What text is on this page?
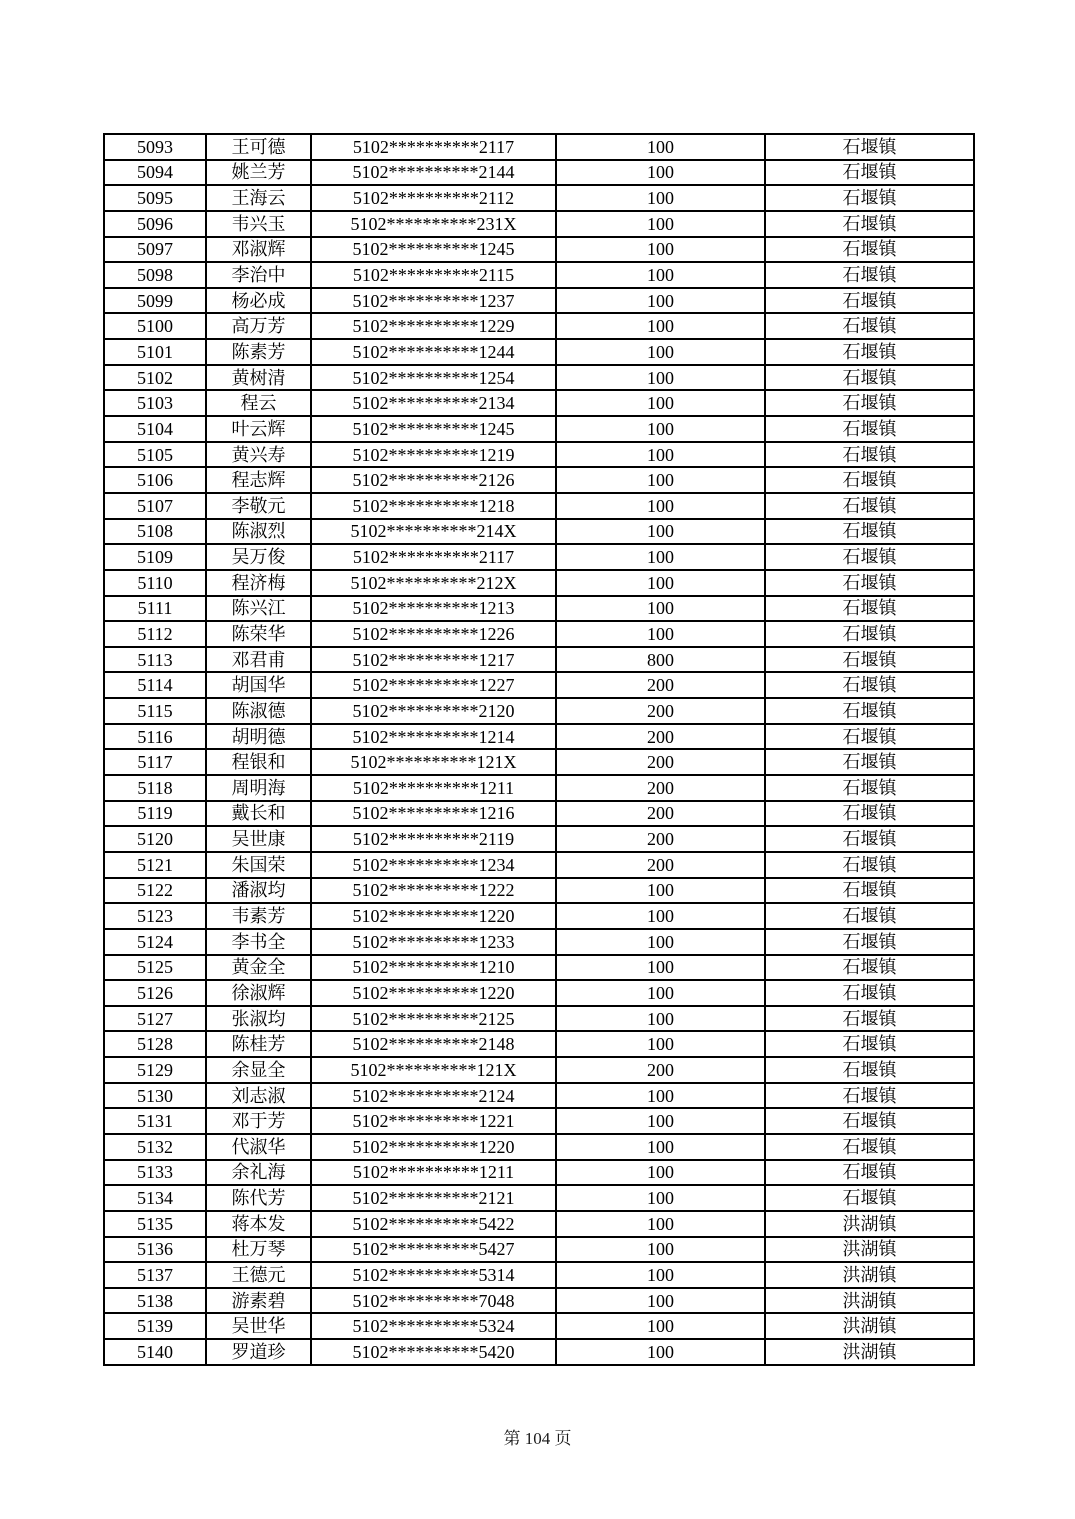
5093	王可德	5102**********2117	100	石堰镇
5094	姚兰芳	5102**********2144	100	石堰镇
5095	王海云	5102**********2112	100	石堰镇
5096	韦兴玉	5102**********231X	100	石堰镇
5097	邓淑辉	5102**********1245	100	石堰镇
5098	李治中	5102**********2115	100	石堰镇
5099	杨必成	5102**********1237	100	石堰镇
5100	高万芳	5102**********1229	100	石堰镇
5101	陈素芳	5102**********1244	100	石堰镇
5102	黄树清	5102**********1254	100	石堰镇
5103	程云	5102**********2134	100	石堰镇
5104	叶云辉	5102**********1245	100	石堰镇
5105	黄兴寿	5102**********1219	100	石堰镇
5106	程志辉	5102**********2126	100	石堰镇
5107	李敬元	5102**********1218	100	石堰镇
5108	陈淑烈	5102**********214X	100	石堰镇
5109	吴万俊	5102**********2117	100	石堰镇
5110	程济梅	5102**********212X	100	石堰镇
5111	陈兴江	5102**********1213	100	石堰镇
5112	陈荣华	5102**********1226	100	石堰镇
5113	邓君甫	5102**********1217	800	石堰镇
5114	胡国华	5102**********1227	200	石堰镇
5115	陈淑德	5102**********2120	200	石堰镇
5116	胡明德	5102**********1214	200	石堰镇
5117	程银和	5102**********121X	200	石堰镇
5118	周明海	5102**********1211	200	石堰镇
5119	戴长和	5102**********1216	200	石堰镇
5120	吴世康	5102**********2119	200	石堰镇
5121	朱国荣	5102**********1234	200	石堰镇
5122	潘淑均	5102**********1222	100	石堰镇
5123	韦素芳	5102**********1220	100	石堰镇
5124	李书全	5102**********1233	100	石堰镇
5125	黄金全	5102**********1210	100	石堰镇
5126	徐淑辉	5102**********1220	100	石堰镇
5127	张淑均	5102**********2125	100	石堰镇
5128	陈桂芳	5102**********2148	100	石堰镇
5129	余显全	5102**********121X	200	石堰镇
5130	刘志淑	5102**********2124	100	石堰镇
5131	邓于芳	5102**********1221	100	石堰镇
5132	代淑华	5102**********1220	100	石堰镇
5133	余礼海	5102**********1211	100	石堰镇
5134	陈代芳	5102**********2121	100	石堰镇
5135	蒋本发	5102**********5422	100	洪湖镇
5136	杜万琴	5102**********5427	100	洪湖镇
5137	王德元	5102**********5314	100	洪湖镇
5138	游素碧	5102**********7048	100	洪湖镇
5139	吴世华	5102**********5324	100	洪湖镇
5140	罗道珍	5102**********5420	100	洪湖镇
第 104 页
